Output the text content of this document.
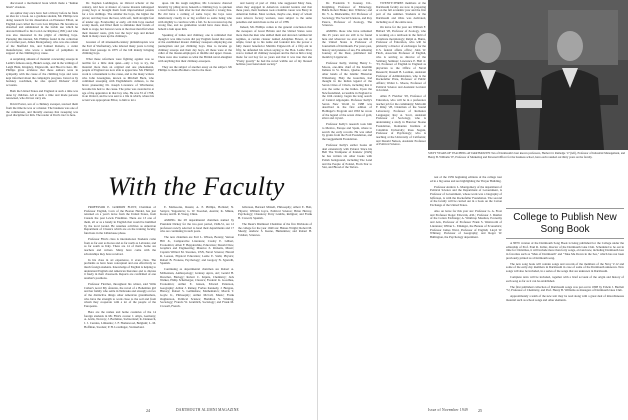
discovered a mechanical book which made a "human brush" obsolete.

An author may once have had a library before he finds an idea for a book. As a graduate student, Mr. Phillips was doing research for his dissertation on Ebenezer Elliott, an English poet called the Corn Law Rhymer. He became so absorbed and unhindered in the lavish use which he devoted himself to his Corn Law Rhymes (1831) and who was also interested in the plight of climbing boys. Pursuing this interest, Mr. Phillips found in the collection of a former poet, James Montgomery, who was also ardent of the Sheffield Iris, and Samuel Roberts, a cutler manufacturer, who wrote a number of pamphlets in support of the climbing-boy cause.

A surprising amount of material concerning sweeps in Lamb's famous essay, Blake's songs, and in the writings of Leigh Hunt, Kingsley, Edgeworth, and Hood is here. Mr. Phillips gives evidence that these authors were in sympathy with the cause of the climbing boys and were kept informed about the campaign's progress. Jarred as by hackney coachmen, he also quoted Dickens' rival accounts.

Both the United States and England at such a time was done by children. All at such a time and made persons renowned, who did not carry sin.

David Porter, son of a chimney sweeper, rescued them from the time he was or a master. The business was one of the commonest, and literally onerous that sweeping was good discipline for him. The reader of Dart's tract is here.

Dr. Stephen Luddington, an Oxford scholar of the century, told how at master of course masters kidnapped young boys or brought them from impoverished parents for a few shillings. The smaller the boys, the higher the prices; and they bore the beat, with soft, built straight feet of tender age. Foreboding or early, old thin boys needed scanty meals, and filled them to stimulate their fronds of them to wage, her barrows were at the most merciful when their masters' nests, girls lost the boys' legs and kicked them in many cases up the chimneys.

Greatest of all nineteenth-century philanthropists was the Earl of Shaftesbury, who labored many years to bring about final passage in 1875 of the bill mainly bringing climbing boys.

What these reformers were fighting against was so terrible for a little dark quiet—only a boy to try, the material more than an original and one phenomenal, people of England are now able to appreciate. Mr. Phillips' work is a monument to the cause, and to the many writers who John Greenglass, known as Mitchell Beck, who combined sweeping with Englishman's cultures, to the brave pioneering Dr. Joseph Lawrence of Winchester, become his heir to the cause. The prize was awarded in at age of the apprentice in that boy who. He was 33 of 1798, in an Oxford, and he was sent to a life in which, where his accent was appropriate Elliot, to him to let a

upon. On his tough neighbor, Mr. Lawrence chanced brutality by piling straw beneath a climbing boy to quicken a tread before a lash after he had discovered a wrong line. He did have a coming of some boys; the boys were indelicately cruelly in or big scaffold so some being who with slightly to convince with a fall. So he recovered up the wrong line, and no gentleman would have done more, if behold a lash upon him.

Speaking of ladies and chimney, one is reminded that though it was time Lewis did pay English found that some of the established master chimney sweepers employing one journeyman and pet climbing boys. Due to income go chimney sweeps and their day boys, all these were at the caller of the master-employers at middle and upper classes. There were also women so what the British naval-slaughter with anything that their chimney-sweepers.

They are the subject of another essay on the subject. Mr Phillips to Xenia Brothers cried to the most.

and Gentry of part of 1944, who suggested Mary Jane, when they engaged in American colonial leaders and that these years, their business took a humble career was Barry in American Indian. Most women, maybe one, many of whom were tobacco factory workers, were subject to the same penalties and restrictions as the act of 1788.

Indeed, Mr. Phillips comes to the general conclusion that the sweepers of Great Britain and the United States were more than the men who skilled them and devoted commercial regimes. A certain cleaner named Adolphus Bower, at an ample, fared up to his name and founded into the power a fully meant benefactor Matilda Edgeworth of a fifty-six in fifty, he defended his action saying to the Hon. Leslie Price was to trained all chimney sweepers and he that as him a long made for red boy for so years and that it was true that she "Pretty greatly" he had the novel widths out of my blessed hobbies your benevolent society."

With the Faculty

PROFESSOR E. GORDON FLINT, Chairman of Professor English, Corn of the Boston Herald, has just returned on a year's leave from the United States, from Canada the past Lewis Friedman. There are 13 one of them, all or as a handy in English that would be humbled by the local Grand. He resumes activities as American Department of Classics which are on the training faculty, functions in the Lithiolouse phase.

Professor Flint's class is international. Students come from as far east as Korea and as far north as Labrador, and as far south as Italy. There are 14 of them. Some are teachers and writers. Many have come with the scholarships they have received.

In his class in art experience, it even class. The problems as have been conceptual and one effectively so much foreign students. Knowledge of English is helping to understand English and American literature and to discuss it freely in their classroom. Reports are confirmed of one another's positions.

Professor Fletcher, throughout his winter, said Willa Cather's novel My Ántonia, the novel of a Bohemian girl and her family who settle in Nebraska and strongly on two of the distinctive things other American grandmothers, who have the strength to work close to the soil and from whom they cooperate with a lot of the people of the Europeans.

Here are the names and home countries of the 14 foreign students in Mr. Flint's course: J. Aliyu, Germany; A. Arvik, Norway; J. Bachman, Switzerland; K. Dennerch, J. J. Cerulea, Lithuania; J. F. Homewood, Belgium; L. M. Hoffman, Sweden; P. H. Lovelinger, Switzerland.

E. Maltsoolas, Russia; A. P. Phillips, Holland; N. Sariyev, Yugoslavia; G. W. Stoeckel, Austria; K. Mikuu, Korea; and R. R. Wong, China.

AMONG the 28 departmental chairmen named by President Dickey for the two-year period, 1949-51, are 12 professors newly selected to head their departments and 17 who are continuing in such posts.

The new chairmen are Earl L. Wilson, Botany; Vernon Hill Jr., Comparative Literature; Crosby E. Gilbert, Economics; Allen F. Hepplewhite, Education; Donald Dow, Graphics and Engineering; Maurice Z. Ricketts, Music; Captain Willard M. Stearnes, USN, Naval Science; Harold R. Leeson, Physical Education; Leslie E. Stahl, Physics; Robert B. Fronzee, Psychology; and Gregory N. Sgarrelli, Spanish.

Continuing as departmental chairmen are Robert A. McKennan, Anthropology; Grainey Ayers, Art; Gerald H. Drescher, Biology; Robert C. Kipnis, Chemistry; Jack Walker, Philip Scherberger, Classics; Frederic K. Goodhue, Economics; Arthur E. Jensen, Edward Patterson, Geography; Arthur J. Rainey, Forbes Kennedy, J. Burgess, History; Robert S. Gellinshaw, Mathematics; Morris T. Goyle Jr., Philosophy; Arthur McCall, Music; Frank Oughterson, Political Science; Hamilton S. Whiting, Sociology; Francis W. Gramlich, Sociology; and Frank M. Crowell, French.

Jefferson, Bernard Mitzell, Philosophy; Albert E. Holt, Physics; William Joyce, Political Science; Brian Hervey, Psychology; Chauncey Perry Grubbs, Religion; and Frank H. Crowell, Spanish.

The Dean's Dismissal Chairman of the five Divisions of the college for the year 1949 are: Haines Wright; Robert M. Shealy; Andrew S. Keene, Humanities; and Robert H. Eckhart, Sciences.

24	DARTMOUTH ALUMNI MAGAZINE

Dr. Frederick T. Keeney, D.L. Knighting, Professor of Ethnology, Buble Robert Blake; Rev. Whitlow; and Dr. V. A. Mukwumbe, ICI Professor of Sociology, The Social Sciences, and Roy Pearce, Professor of Zoology, The Sciences.

AMONG those who have remained this 25 years and are still to be found here and wherever we ever see him in the United States is Professor of Journalism of Dartmouth. For years past, history and pretense of sea, Fra Amazing Journey of the Dear, published last month by Lippincott.

Professor Kelly, visiting Henry L. Moore, one-time chief of the Kremlin Indians in St. Franco, Quebec, and his other hands of the Islamic Historian Wittenberg, Holy the Guardian, had thought in the Indian legend of the Seven Cities of Cibola, including that it was the same as the Indies. Upon the Newfoundland, accessible in England to the 16th century, began the long search of Central Algonquin. Professor Kelly's Seven New World in 1988 was described in the first edition of Hollinger's Program and 1863 he wrote of the legend of the seven cities of gold, silver and crystal.

Professor Kelly's research took him to Mexico, Europe and Spain, where to search the early records. He was aided by grants from the Ford Foundation, and the Guggenheim Foundation.

Professor Kelly's earlier books all deal extensively with Poland. Since his Bell The Trumpeter of Kraków (1929) he has written six other books with Polish background, including The Land and the People of Poland, From Star to Star, and Blood of the Tartars.

TWENTY-THREE members of the Dartmouth faculty are now in preparing or on the fall academic year and the first part of the summer. Students at the Dartmouth and Ohio was dedicated, including as of the entire area.

On leave for the year are William F. Ballard '28, Professor of Zoology, who is working on a textbook in the field of vertebrate morphology; Ralph A. Burns, Professor of Education, who will be primarily a director of exchanges for the U.S. federal affairs office; John W. Finch, Associate Professor of English, who is serving as director of the Salzburg Seminar; Lawrence P. Hall Jr. '33, Professor of English in England as physician to the Office of Naval Research; Russell B. Leaman, Assistant Professor of Administration, who is the Rockefeller Prize, Professor of Public Affairs; Walter L. Moore, Professor of Political Science and Assistant Lecturer in Iceland.

Allan F. Fletcher '28, Professor of Education, who will be in a preference teacher job for the community; Malcolm F. Riley '28, Chairman of the Sound Laboratory, Professor of Romance Languages; Roy A. Scott, Assistant Professor of Sociology, who is undertaking a study in Hanover Sloane Foundation, Romanian Institute at Columbia University; Ross Sugant, Professor of Psychology; who is teaching at the University of California; and Donald Nelson, Assistant Professor of Political Science.

SIXTY YEARS OF TEACHING AT DARTMOUTH: Ten of Dartmouth's best known professors, Herbert O. Rutledge '17 (left), Professor of Industrial Management, and Henry B. Williams '07, Professor of Marketing and Personal Officer for the business school, have each rounded out thirty years on the faculty.

rest of the 1959 beginning editions of the college tour ed in a big sense and are highlighting the Thayer Building.

Professor Andrew L. Montgomery of the department of Political Science and the Department of Government, is Professor of Government, whose work was a biography of Jefferson, is with the Rockefeller Foundation. The second of the faculty will be carried out in a book on the Cotton Exchange of the United States.

Also on leave for this year are: Professor G. A. Frost and Professor Roger Edwards, ASL; Professor J. Dunbar of the Cotton Exchange; A. Winthrop Moulton, Economy and Arts, Professor of Professor Frank S. Wentworth of Literature; Wilbur L. Edkinger, the Bureau of Economics; Professor James Ward, Professor of English; Lloyd W. Whitney, Professor of Geography; and Roger W. Bullington, the Psychology department.

College to Publish New Song Book

A NEW version of the Dartmouth Song Book is being published for the College under the editorship of Prof. Paul R. Zeller, director of the Dartmouth Glee Club. Scheduled to be out in time for Christmas, it will include more than forty songs, old and new, including Dartmouth lore in favorites such as "Men of Dartmouth" and "Take Me Down in the Sea," which has not been previously printed as a Dartmouth song.

The new song book will contain songs and records of the members of the Navy V-12 and some of the early-day members in Dartmouth in case of some of the Dartmouth unknown. New songs will also be included, in a series of the songs that are unknown in Dartmouth.

Complete texts will be included, together with a brief account of the origin and history of each song as far as it can be established.

The first published collection of Dartmouth songs was put out in 1898 by Edwin J. Bartlett '72, Professor of Chemistry, and Prof. Henry B. Williams as managers of Dartmouth Glee Club.

Approximately a tenth of the new text may be read along with a great deal of miscellaneous material such as school songs and other elements.

Issue of November 1949	25
